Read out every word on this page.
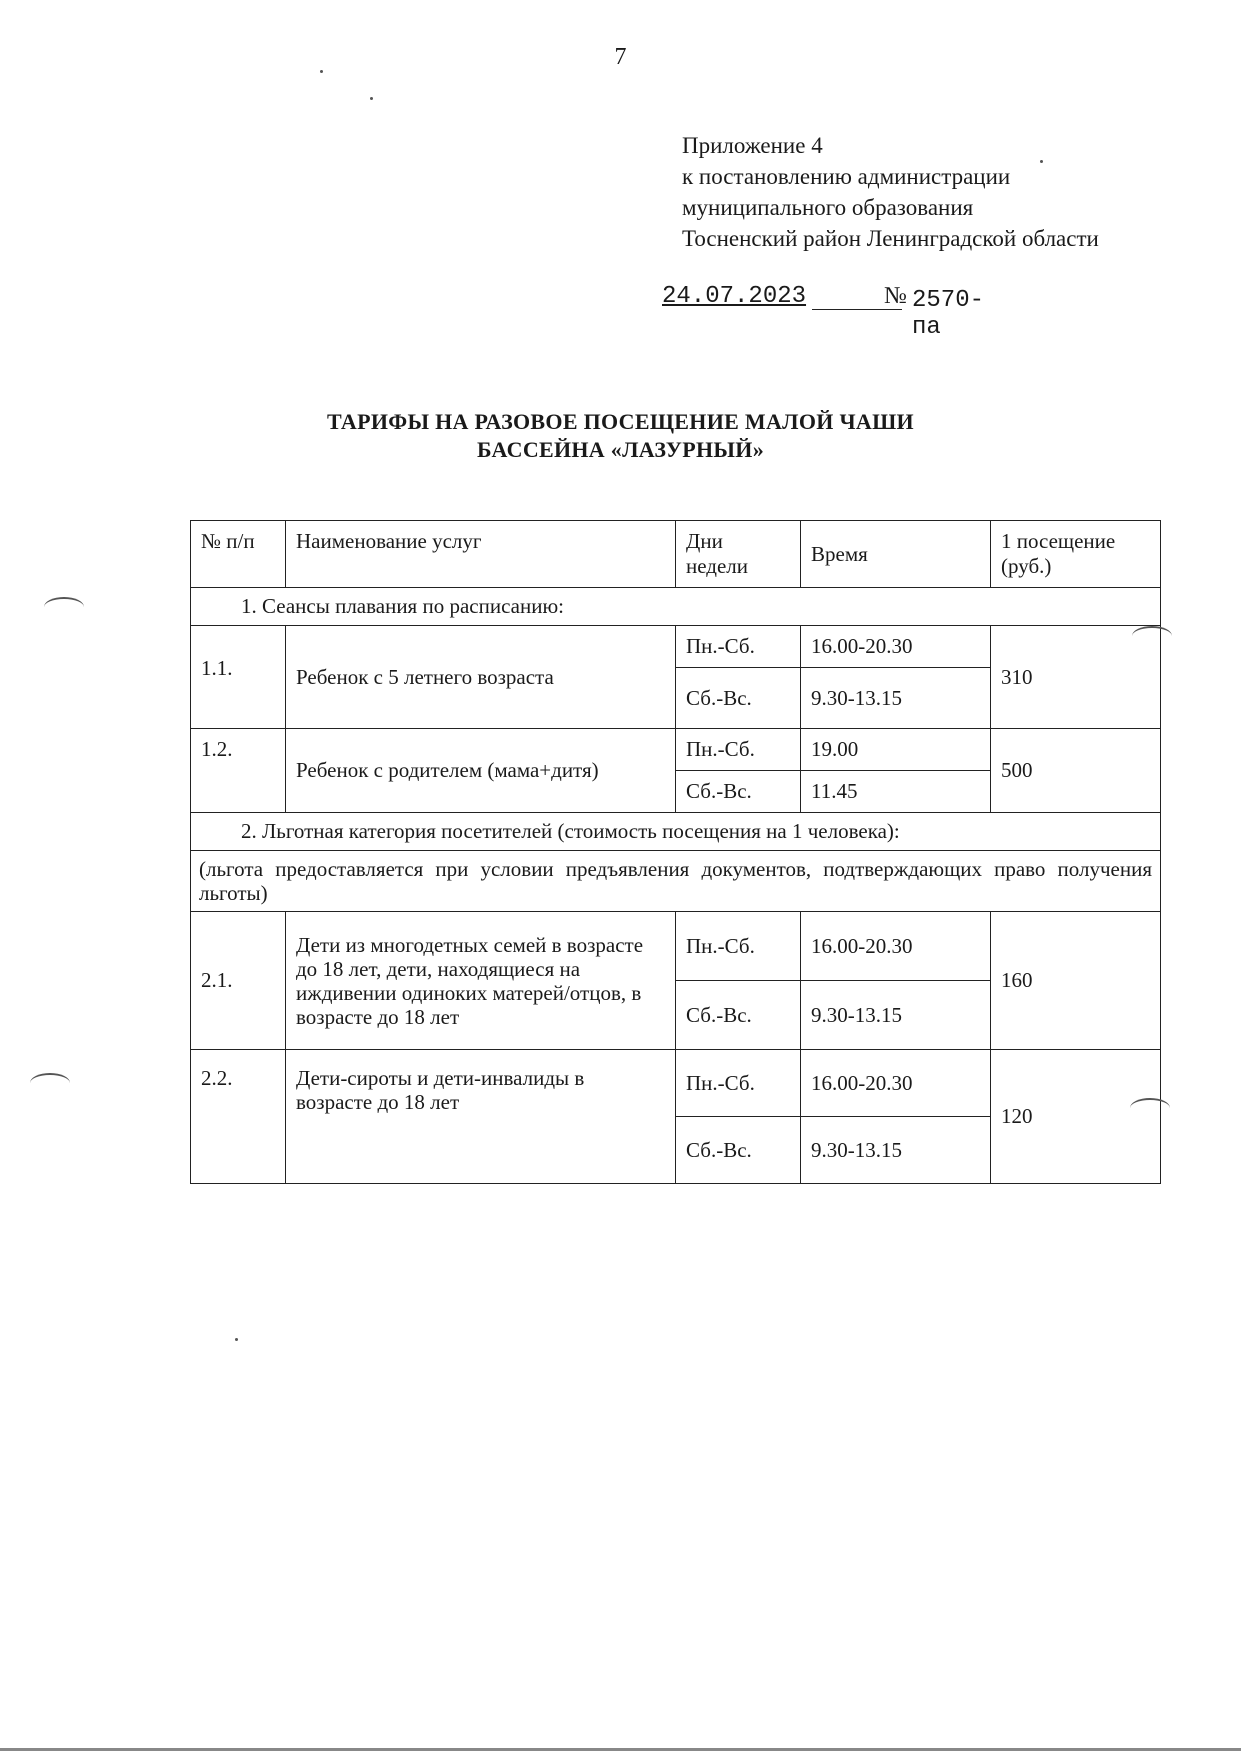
7
Приложение 4
к постановлению администрации
муниципального образования
Тосненский район Ленинградской области
24.07.2023	№ 2570-па
ТАРИФЫ НА РАЗОВОЕ ПОСЕЩЕНИЕ МАЛОЙ ЧАШИ
БАССЕЙНА «ЛАЗУРНЫЙ»
№ п/п	Наименование услуг	Дни недели	Время	1 посещение (руб.)
1. Сеансы плавания по расписанию:				
1.1.	Ребенок с 5 летнего возраста	Пн.-Сб.	16.00-20.30	310
		Сб.-Вс.	9.30-13.15	
1.2.	Ребенок с родителем (мама+дитя)	Пн.-Сб.	19.00	500
		Сб.-Вс.	11.45	
2. Льготная категория посетителей (стоимость посещения на 1 человека):				
(льгота предоставляется при условии предъявления документов, подтверждающих право получения льготы)				
2.1.	Дети из многодетных семей в возрасте до 18 лет, дети, находящиеся на иждивении одиноких матерей/отцов, в возрасте до 18 лет	Пн.-Сб.	16.00-20.30	160
		Сб.-Вс.	9.30-13.15	
2.2.	Дети-сироты и дети-инвалиды в возрасте до 18 лет	Пн.-Сб.	16.00-20.30	120
		Сб.-Вс.	9.30-13.15	
